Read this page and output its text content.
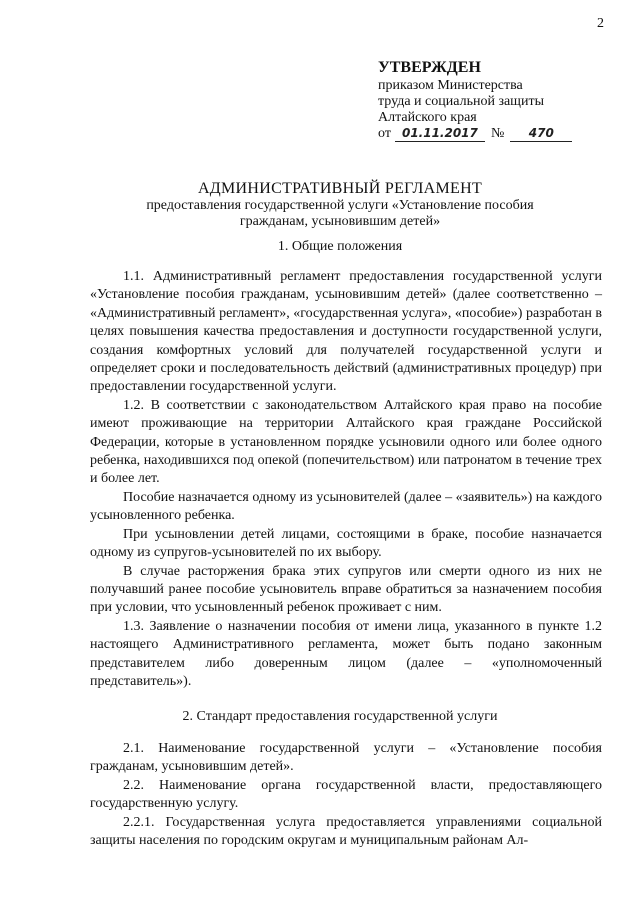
2
УТВЕРЖДЕН
приказом Министерства
труда и социальной защиты
Алтайского края
от 01.11.2017 №	470
АДМИНИСТРАТИВНЫЙ РЕГЛАМЕНТ
предоставления государственной услуги «Установление пособия
гражданам, усыновившим детей»
1. Общие положения

1.1. Административный регламент предоставления государственной услуги «Установление пособия гражданам, усыновившим детей» (далее соответственно – «Административный регламент», «государственная услуга», «пособие») разработан в целях повышения качества предоставления и доступности государственной услуги, создания комфортных условий для получателей государственной услуги и определяет сроки и последовательность действий (административных процедур) при предоставлении государственной услуги.

1.2. В соответствии с законодательством Алтайского края право на пособие имеют проживающие на территории Алтайского края граждане Российской Федерации, которые в установленном порядке усыновили одного или более одного ребенка, находившихся под опекой (попечительством) или патронатом в течение трех и более лет.

Пособие назначается одному из усыновителей (далее – «заявитель») на каждого усыновленного ребенка.

При усыновлении детей лицами, состоящими в браке, пособие назначается одному из супругов-усыновителей по их выбору.

В случае расторжения брака этих супругов или смерти одного из них не получавший ранее пособие усыновитель вправе обратиться за назначением пособия при условии, что усыновленный ребенок проживает с ним.

1.3. Заявление о назначении пособия от имени лица, указанного в пункте 1.2 настоящего Административного регламента, может быть подано законным представителем либо доверенным лицом (далее – «уполномоченный представитель»).

2. Стандарт предоставления государственной услуги

2.1. Наименование государственной услуги – «Установление пособия гражданам, усыновившим детей».

2.2. Наименование органа государственной власти, предоставляющего государственную услугу.

2.2.1. Государственная услуга предоставляется управлениями социальной защиты населения по городским округам и муниципальным районам Ал-
